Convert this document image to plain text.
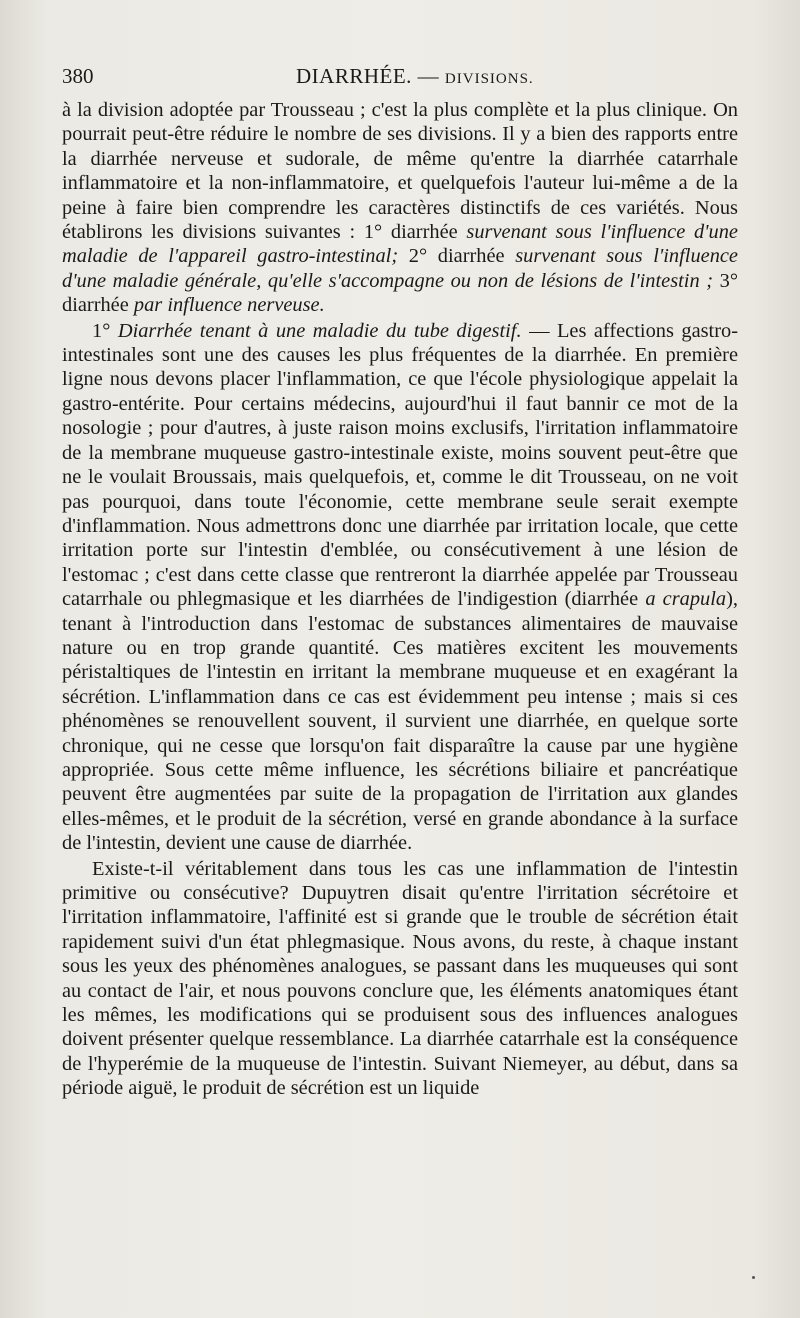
380	DIARRHÉE. — DIVISIONS.

à la division adoptée par Trousseau ; c'est la plus complète et la plus clinique. On pourrait peut-être réduire le nombre de ses divisions. Il y a bien des rapports entre la diarrhée nerveuse et sudorale, de même qu'entre la diarrhée catarrhale inflammatoire et la non-inflammatoire, et quelquefois l'auteur lui-même a de la peine à faire bien comprendre les caractères distinctifs de ces variétés. Nous établirons les divisions suivantes : 1° diarrhée survenant sous l'influence d'une maladie de l'appareil gastro-intestinal; 2° diarrhée survenant sous l'influence d'une maladie générale, qu'elle s'accompagne ou non de lésions de l'intestin ; 3° diarrhée par influence nerveuse.

1° Diarrhée tenant à une maladie du tube digestif. — Les affections gastro-intestinales sont une des causes les plus fréquentes de la diarrhée. En première ligne nous devons placer l'inflammation, ce que l'école physiologique appelait la gastro-entérite. Pour certains médecins, aujourd'hui il faut bannir ce mot de la nosologie ; pour d'autres, à juste raison moins exclusifs, l'irritation inflammatoire de la membrane muqueuse gastro-intestinale existe, moins souvent peut-être que ne le voulait Broussais, mais quelquefois, et, comme le dit Trousseau, on ne voit pas pourquoi, dans toute l'économie, cette membrane seule serait exempte d'inflammation. Nous admettrons donc une diarrhée par irritation locale, que cette irritation porte sur l'intestin d'emblée, ou consécutivement à une lésion de l'estomac ; c'est dans cette classe que rentreront la diarrhée appelée par Trousseau catarrhale ou phlegmasique et les diarrhées de l'indigestion (diarrhée a crapula), tenant à l'introduction dans l'estomac de substances alimentaires de mauvaise nature ou en trop grande quantité. Ces matières excitent les mouvements péristaltiques de l'intestin en irritant la membrane muqueuse et en exagérant la sécrétion. L'inflammation dans ce cas est évidemment peu intense ; mais si ces phénomènes se renouvellent souvent, il survient une diarrhée, en quelque sorte chronique, qui ne cesse que lorsqu'on fait disparaître la cause par une hygiène appropriée. Sous cette même influence, les sécrétions biliaire et pancréatique peuvent être augmentées par suite de la propagation de l'irritation aux glandes elles-mêmes, et le produit de la sécrétion, versé en grande abondance à la surface de l'intestin, devient une cause de diarrhée.

Existe-t-il véritablement dans tous les cas une inflammation de l'intestin primitive ou consécutive? Dupuytren disait qu'entre l'irritation sécrétoire et l'irritation inflammatoire, l'affinité est si grande que le trouble de sécrétion était rapidement suivi d'un état phlegmasique. Nous avons, du reste, à chaque instant sous les yeux des phénomènes analogues, se passant dans les muqueuses qui sont au contact de l'air, et nous pouvons conclure que, les éléments anatomiques étant les mêmes, les modifications qui se produisent sous des influences analogues doivent présenter quelque ressemblance. La diarrhée catarrhale est la conséquence de l'hyperémie de la muqueuse de l'intestin. Suivant Niemeyer, au début, dans sa période aiguë, le produit de sécrétion est un liquide
